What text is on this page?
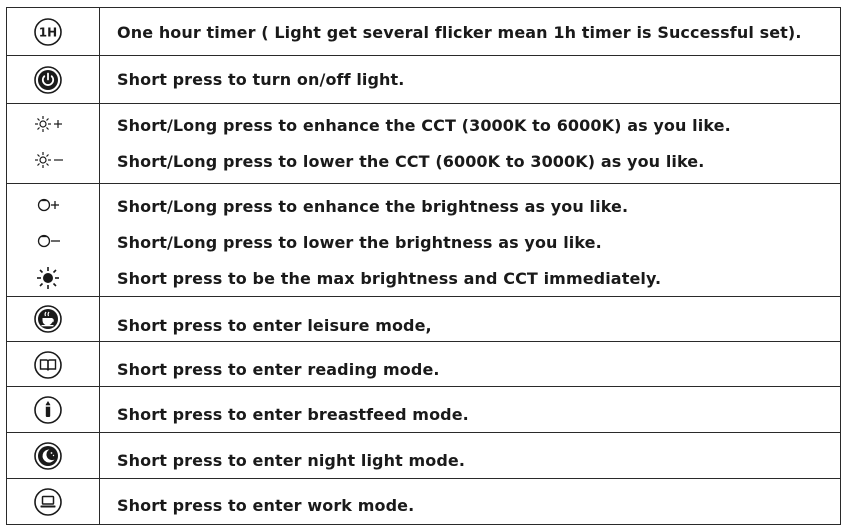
1H	One hour timer ( Light get several flicker mean 1h timer is Successful set).
Short press to turn on/off light.
Short/Long press to enhance the CCT (3000K to 6000K) as you like.
Short/Long press to lower the CCT (6000K to 3000K) as you like.
Short/Long press to enhance the brightness as you like.
Short/Long press to lower the brightness as you like.
Short press to be the max brightness and CCT immediately.
Short press to enter leisure mode,
Short press to enter reading mode.
Short press to enter breastfeed mode.
Short press to enter night light mode.
Short press to enter work mode.
